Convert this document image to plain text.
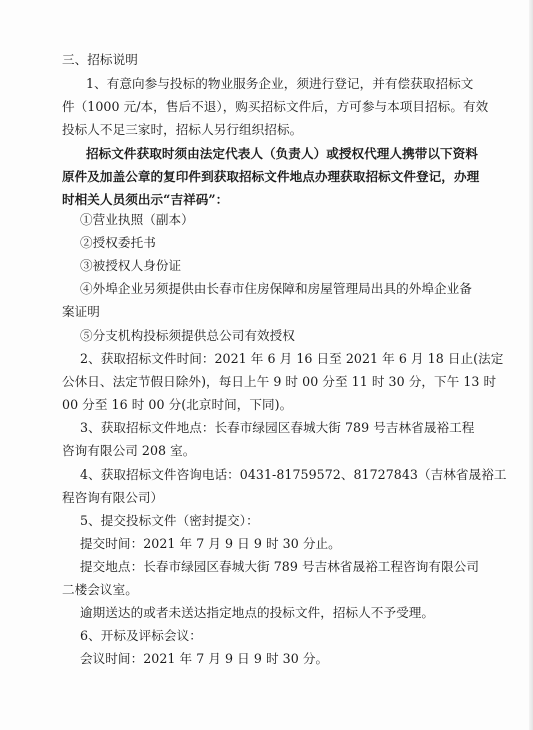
三、招标说明
1、有意向参与投标的物业服务企业，须进行登记，并有偿获取招标文
件（1000 元/本，售后不退），购买招标文件后，方可参与本项目招标。有效
投标人不足三家时，招标人另行组织招标。
招标文件获取时须由法定代表人（负责人）或授权代理人携带以下资料
原件及加盖公章的复印件到获取招标文件地点办理获取招标文件登记，办理
时相关人员须出示“吉祥码”：
①营业执照（副本）
②授权委托书
③被授权人身份证
④外埠企业另须提供由长春市住房保障和房屋管理局出具的外埠企业备
案证明
⑤分支机构投标须提供总公司有效授权
2、获取招标文件时间：2021 年 6 月 16 日至 2021 年 6 月 18 日止(法定
公休日、法定节假日除外)，每日上午 9 时 00 分至 11 时 30 分，下午 13 时
00 分至 16 时 00 分(北京时间，下同)。
3、获取招标文件地点：长春市绿园区春城大街 789 号吉林省晟裕工程
咨询有限公司 208 室。
4、获取招标文件咨询电话：0431-81759572、81727843（吉林省晟裕工
程咨询有限公司）
5、提交投标文件（密封提交）：
提交时间：2021 年 7 月 9 日 9 时 30 分止。
提交地点：长春市绿园区春城大街 789 号吉林省晟裕工程咨询有限公司
二楼会议室。
逾期送达的或者未送达指定地点的投标文件，招标人不予受理。
6、开标及评标会议：
会议时间：2021 年 7 月 9 日 9 时 30 分。
